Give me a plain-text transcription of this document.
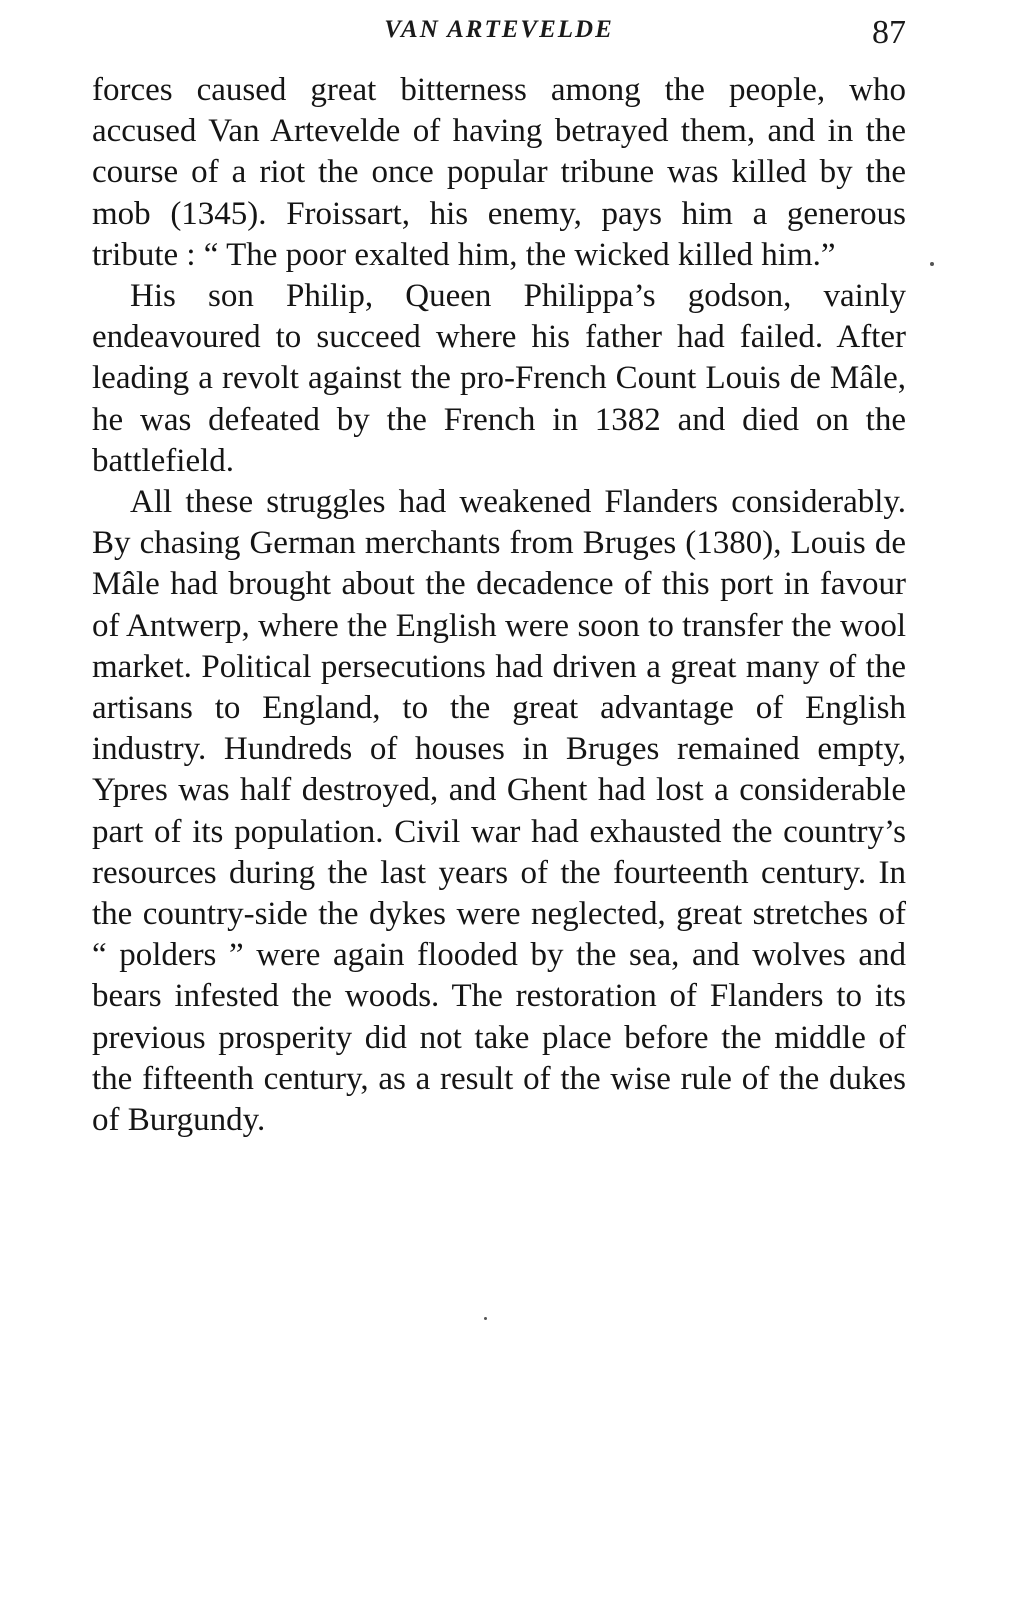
VAN ARTEVELDE	87

forces caused great bitterness among the people, who accused Van Artevelde of having betrayed them, and in the course of a riot the once popular tribune was killed by the mob (1345). Froissart, his enemy, pays him a generous tribute : “ The poor exalted him, the wicked killed him.”

His son Philip, Queen Philippa’s godson, vainly endeavoured to succeed where his father had failed. After leading a revolt against the pro-French Count Louis de Mâle, he was defeated by the French in 1382 and died on the battlefield.

All these struggles had weakened Flanders considerably. By chasing German merchants from Bruges (1380), Louis de Mâle had brought about the decadence of this port in favour of Antwerp, where the English were soon to transfer the wool market. Political persecutions had driven a great many of the artisans to England, to the great advantage of English industry. Hundreds of houses in Bruges remained empty, Ypres was half destroyed, and Ghent had lost a considerable part of its population. Civil war had exhausted the country’s resources during the last years of the fourteenth century. In the country-side the dykes were neglected, great stretches of “ polders ” were again flooded by the sea, and wolves and bears infested the woods. The restoration of Flanders to its previous prosperity did not take place before the middle of the fifteenth century, as a result of the wise rule of the dukes of Burgundy.
